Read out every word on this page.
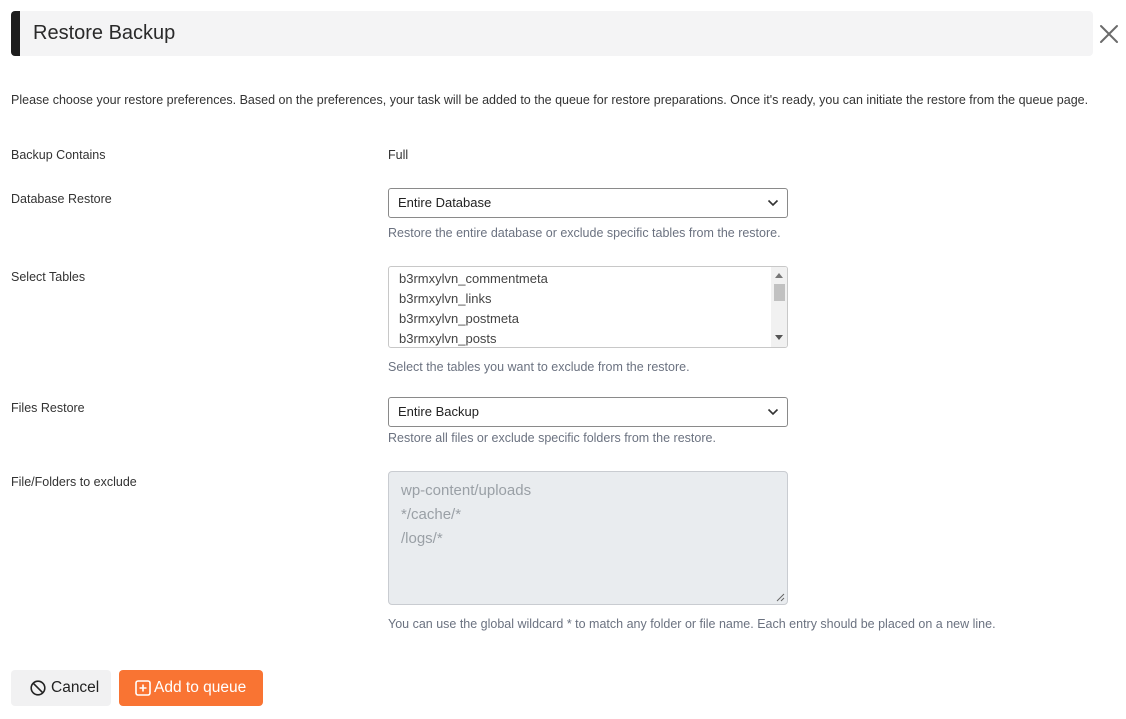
Restore Backup
Please choose your restore preferences. Based on the preferences, your task will be added to the queue for restore preparations. Once it's ready, you can initiate the restore from the queue page.
Backup Contains	Full
Database Restore	Entire Database
Restore the entire database or exclude specific tables from the restore.
Select Tables	b3rmxylvn_commentmeta
b3rmxylvn_links
b3rmxylvn_postmeta
b3rmxylvn_posts
Select the tables you want to exclude from the restore.
Files Restore	Entire Backup
Restore all files or exclude specific folders from the restore.
File/Folders to exclude	wp-content/uploads
*/cache/*
/logs/*
You can use the global wildcard * to match any folder or file name. Each entry should be placed on a new line.
Cancel	Add to queue
